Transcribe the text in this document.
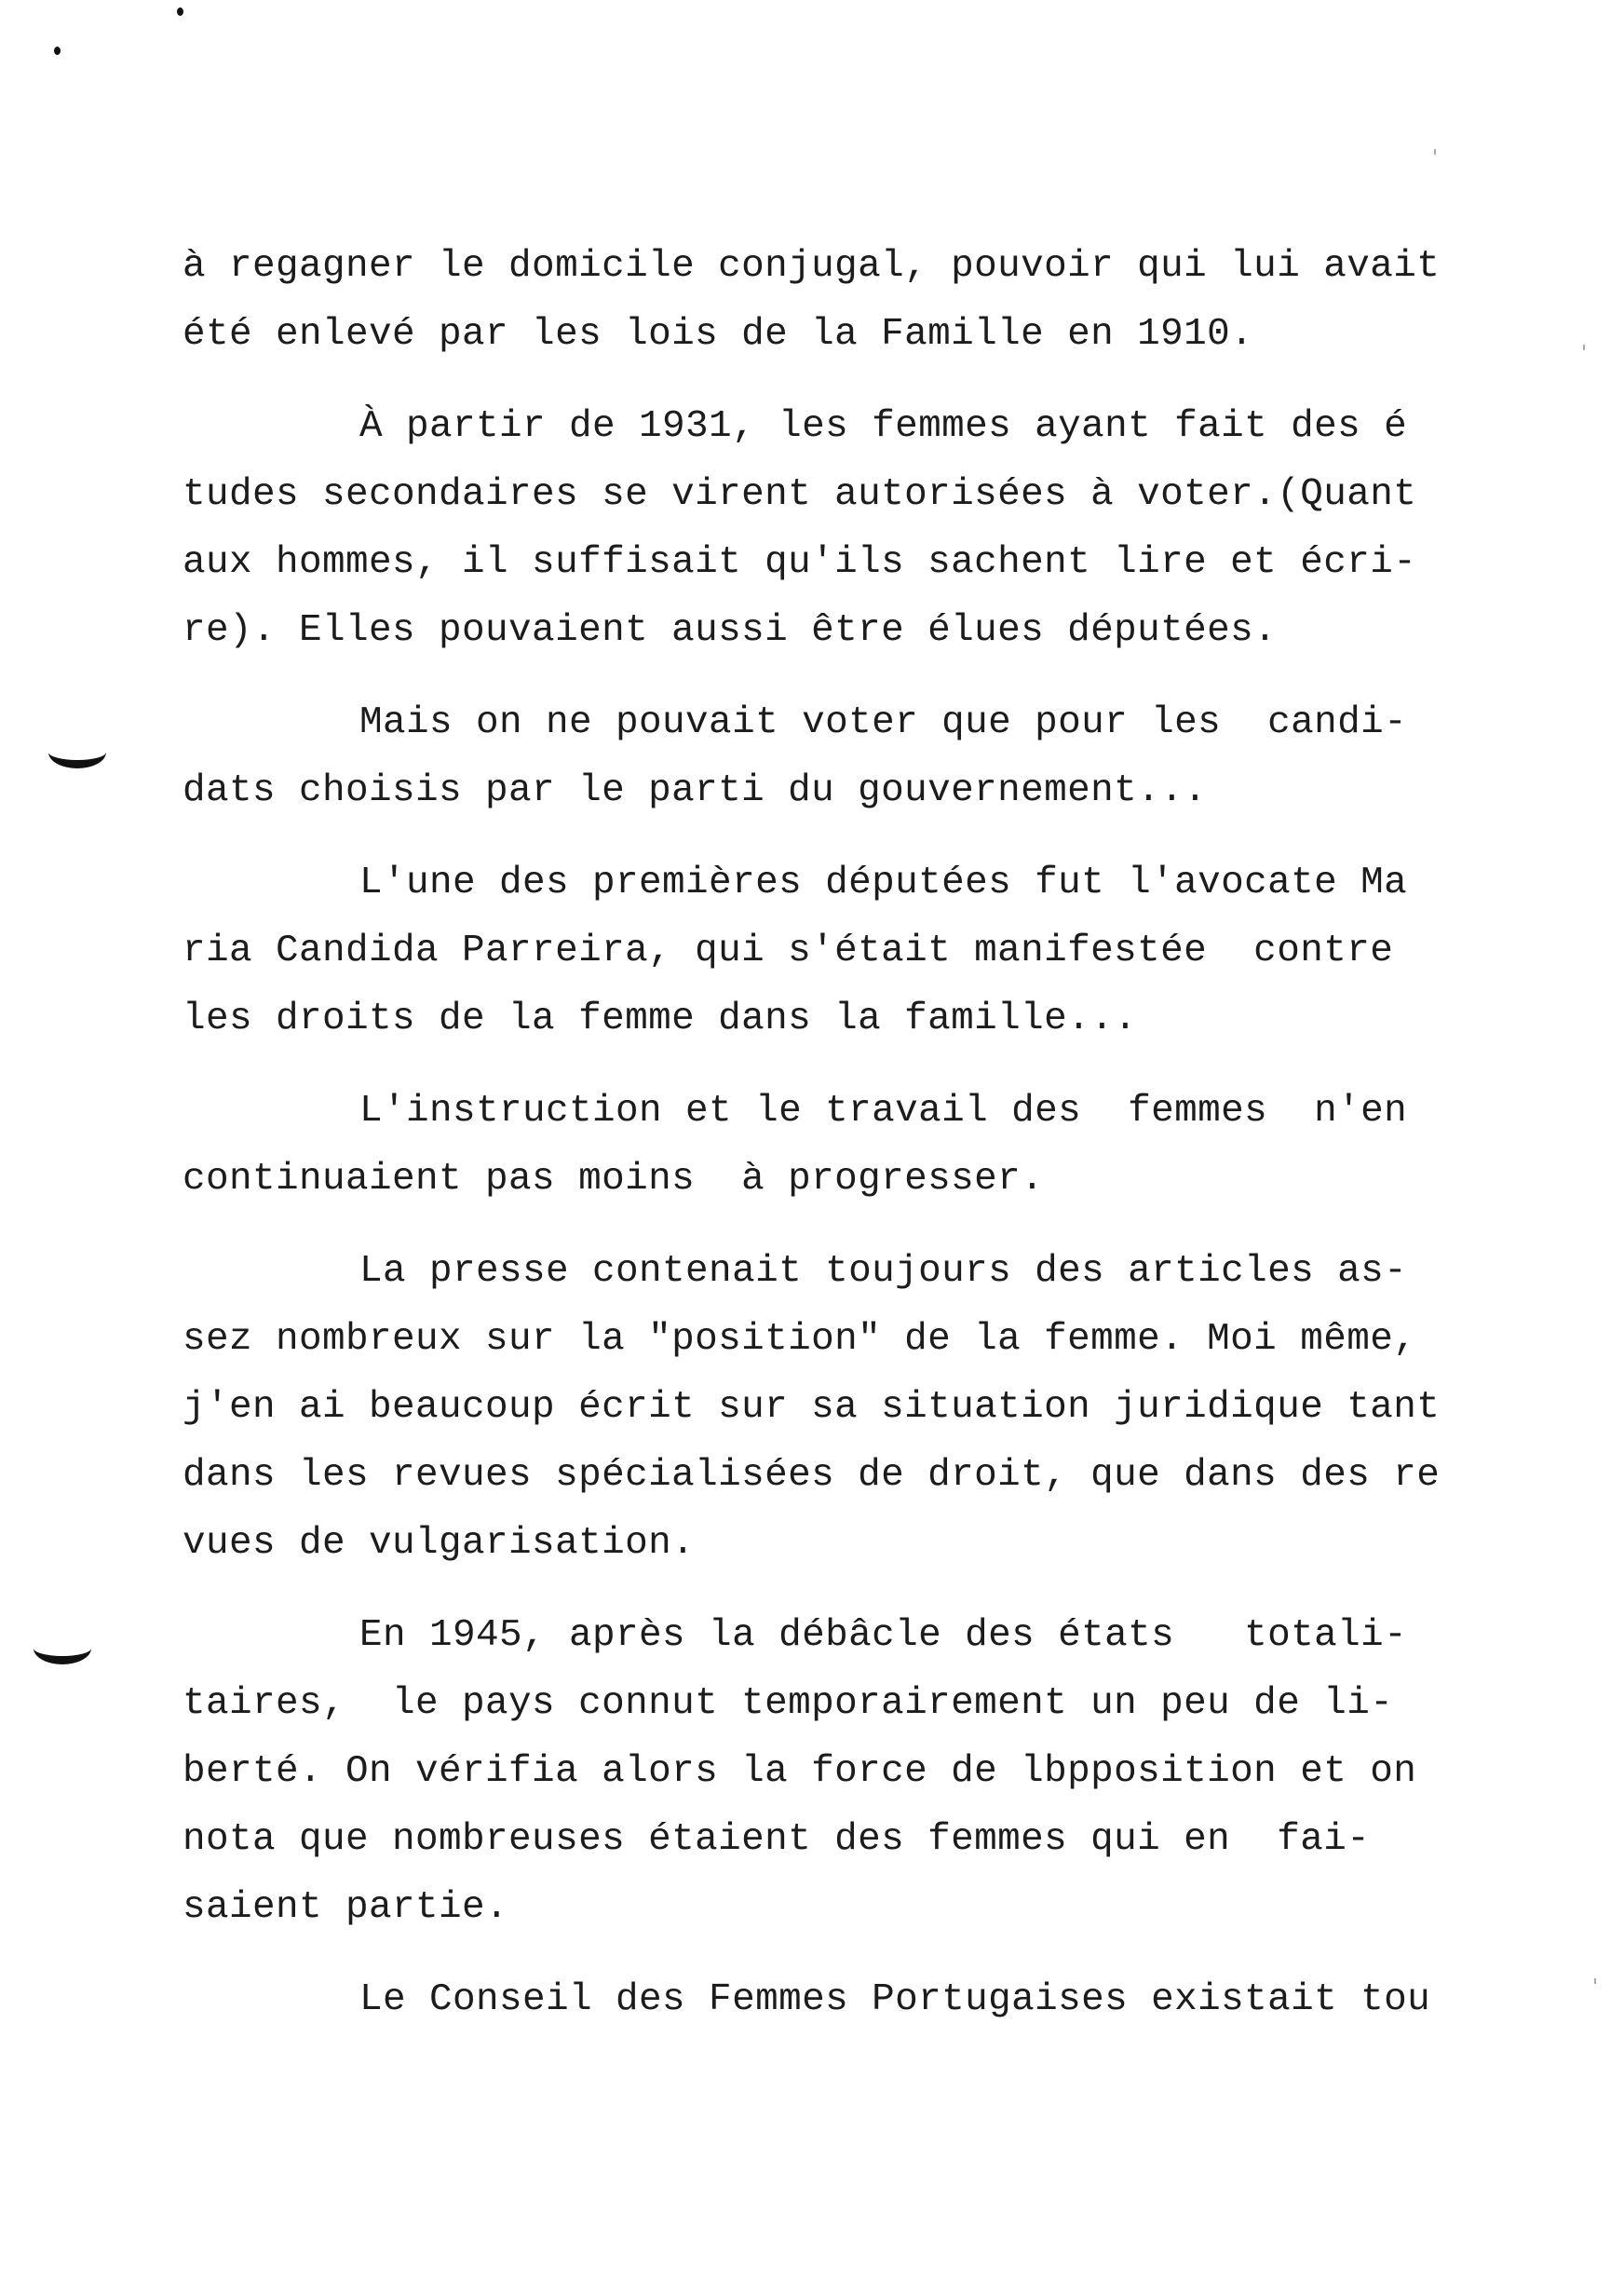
à regagner le domicile conjugal, pouvoir qui lui avait
été enlevé par les lois de la Famille en 1910.

À partir de 1931, les femmes ayant fait des é
tudes secondaires se virent autorisées à voter.(Quant
aux hommes, il suffisait qu'ils sachent lire et écri-
re). Elles pouvaient aussi être élues députées.

Mais on ne pouvait voter que pour les  candi-
dats choisis par le parti du gouvernement...

L'une des premières députées fut l'avocate Ma
ria Candida Parreira, qui s'était manifestée  contre
les droits de la femme dans la famille...

L'instruction et le travail des  femmes  n'en
continuaient pas moins  à progresser.

La presse contenait toujours des articles as-
sez nombreux sur la "position" de la femme. Moi même,
j'en ai beaucoup écrit sur sa situation juridique tant
dans les revues spécialisées de droit, que dans des re
vues de vulgarisation.

En 1945, après la débâcle des états   totali-
taires,  le pays connut temporairement un peu de li-
berté. On vérifia alors la force de lbpposition et on
nota que nombreuses étaient des femmes qui en  fai-
saient partie.

Le Conseil des Femmes Portugaises existait tou
